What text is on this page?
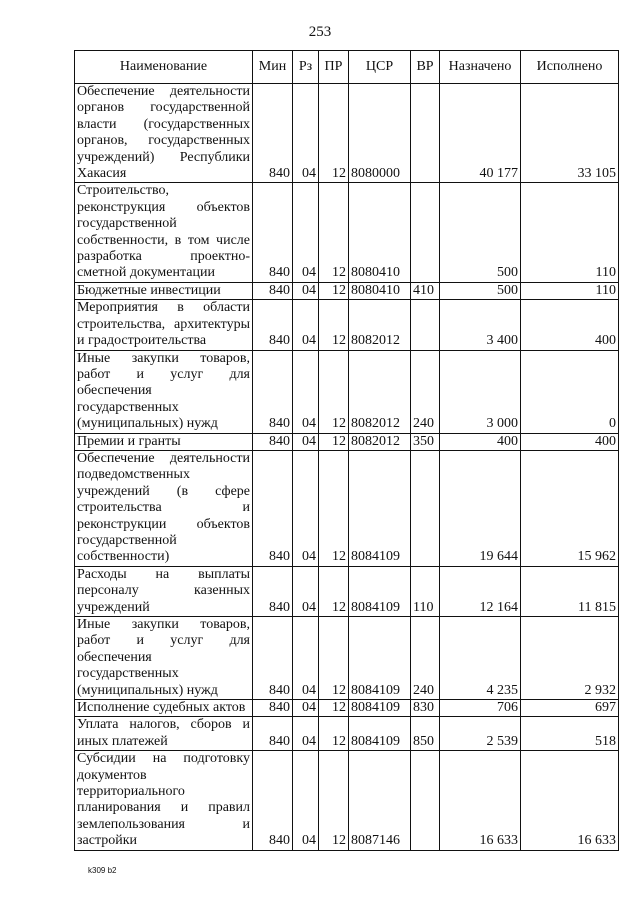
253
Наименование	Мин	Рз	ПР	ЦСР	ВР	Назначено	Исполнено
Обеспечение деятельности органов государственной власти (государственных органов, государственных учреждений) Республики Хакасия	840	04	12	8080000		40 177	33 105
Строительство, реконструкция объектов государственной собственности, в том числе разработка проектно-сметной документации	840	04	12	8080410		500	110
Бюджетные инвестиции	840	04	12	8080410	410	500	110
Мероприятия в области строительства, архитектуры и градостроительства	840	04	12	8082012		3 400	400
Иные закупки товаров, работ и услуг для обеспечения государственных (муниципальных) нужд	840	04	12	8082012	240	3 000	0
Премии и гранты	840	04	12	8082012	350	400	400
Обеспечение деятельности подведомственных учреждений (в сфере строительства и реконструкции объектов государственной собственности)	840	04	12	8084109		19 644	15 962
Расходы на выплаты персоналу казенных учреждений	840	04	12	8084109	110	12 164	11 815
Иные закупки товаров, работ и услуг для обеспечения государственных (муниципальных) нужд	840	04	12	8084109	240	4 235	2 932
Исполнение судебных актов	840	04	12	8084109	830	706	697
Уплата налогов, сборов и иных платежей	840	04	12	8084109	850	2 539	518
Субсидии на подготовку документов территориального планирования и правил землепользования и застройки	840	04	12	8087146		16 633	16 633
k309 b2
